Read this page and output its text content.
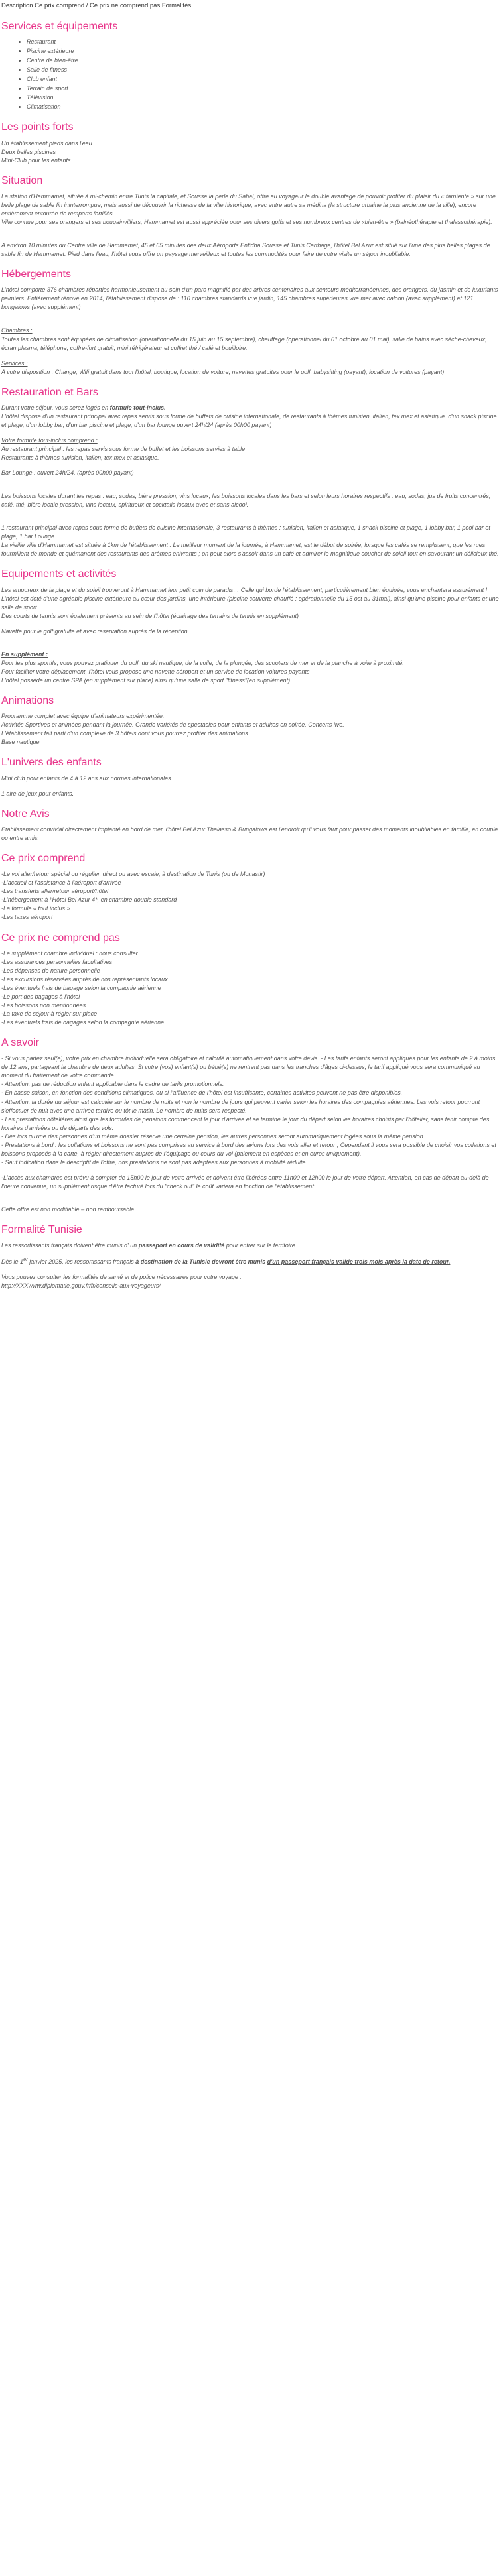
Description Ce prix comprend / Ce prix ne comprend pas Formalités
Services et équipements
• Restaurant
• Piscine extérieure
• Centre de bien-être
• Salle de fitness
• Club enfant
• Terrain de sport
• Télévision
• Climatisation
Les points forts

Un établissement pieds dans l'eau
Deux belles piscines
Mini-Club pour les enfants

Situation

La station d'Hammamet, située à mi-chemin entre Tunis la capitale, et Sousse la perle du Sahel, offre au voyageur le double avantage de pouvoir profiter du plaisir du « farniente » sur une belle plage de sable fin ininterrompue, mais aussi de découvrir la richesse de la ville historique, avec entre autre sa médina (la structure urbaine la plus ancienne de la ville), encore entièrement entourée de remparts fortifiés.

Ville connue pour ses orangers et ses bougainvilliers, Hammamet est aussi appréciée pour ses divers golfs et ses nombreux centres de «bien-être » (balnéothérapie et thalassothérapie).

A environ 10 minutes du Centre ville de Hammamet, 45 et 65 minutes des deux Aéroports Enfidha Sousse et Tunis Carthage, l'hôtel Bel Azur est situé sur l'une des plus belles plages de sable fin de Hammamet. Pied dans l'eau, l'hôtel vous offre un paysage merveilleux et toutes les commodités pour faire de votre visite un séjour inoubliable.

Hébergements

L'hôtel comporte 376 chambres réparties harmonieusement au sein d'un parc magnifié par des arbres centenaires aux senteurs méditerranéennes, des orangers, du jasmin et de luxuriants palmiers. Entièrement rénové en 2014, l'établissement dispose de : 110 chambres standards vue jardin, 145 chambres supérieures vue mer avec balcon (avec supplément) et 121 bungalows (avec supplément)

Chambres :
Toutes les chambres sont équipées de climatisation (operationnelle du 15 juin au 15 septembre), chauffage (operationnel du 01 octobre au 01 mai), salle de bains avec sèche-cheveux, écran plasma, téléphone, coffre-fort gratuit, mini réfrigérateur et coffret thé / café et bouilloire.

Services :
A votre disposition : Change, Wifi gratuit dans tout l'hôtel, boutique, location de voiture, navettes gratuites pour le golf, babysitting (payant), location de voitures (payant)

Restauration et Bars

Durant votre séjour, vous serez logés en formule tout-inclus.
L'hôtel dispose d'un restaurant principal avec repas servis sous forme de buffets de cuisine internationale, de restaurants à thèmes tunisien, italien, tex mex et asiatique. d'un snack piscine et plage, d'un lobby bar, d'un bar piscine et plage, d'un bar lounge ouvert 24h/24 (après 00h00 payant)

Votre formule tout-inclus comprend :
Au restaurant principal : les repas servis sous forme de buffet et les boissons servies à table
Restaurants à thèmes tunisien, italien, tex mex et asiatique.

Bar Lounge : ouvert 24h/24, (après 00h00 payant)

Les boissons locales durant les repas : eau, sodas, bière pression, vins locaux, les boissons locales dans les bars et selon leurs horaires respectifs : eau, sodas, jus de fruits concentrés, café, thé, bière locale pression, vins locaux, spiritueux et cocktails locaux avec et sans alcool.

1 restaurant principal avec repas sous forme de buffets de cuisine internationale, 3 restaurants à thèmes : tunisien, italien et asiatique, 1 snack piscine et plage, 1 lobby bar, 1 pool bar et plage, 1 bar Lounge .
La vieille ville d'Hammamet est située à 1km de l'établissement : Le meilleur moment de la journée, à Hammamet, est le début de soirée, lorsque les cafés se remplissent, que les rues fourmillent de monde et quémanent des restaurants des arômes enivrants ; on peut alors s'assoir dans un café et admirer le magnifique coucher de soleil tout en savourant un délicieux thé.

Equipements et activités

Les amoureux de la plage et du soleil trouveront à Hammamet leur petit coin de paradis… Celle qui borde l'établissement, particulièrement bien équipée, vous enchantera assurément !

L'hôtel est doté d'une agréable piscine extérieure au cœur des jardins, une intérieure (piscine couverte chauffé : opérationnelle du 15 oct au 31mai), ainsi qu'une piscine pour enfants et une salle de sport.

Des courts de tennis sont également présents au sein de l'hôtel (éclairage des terrains de tennis en supplément)

Navette pour le golf gratuite et avec reservation auprès de la réception

En supplément :
Pour les plus sportifs, vous pouvez pratiquer du golf, du ski nautique, de la voile, de la plongée, des scooters de mer et de la planche à voile à proximité.
Pour faciliter votre déplacement, l'hôtel vous propose une navette aéroport et un service de location voitures payants
L'hôtel possède un centre SPA (en supplément sur place) ainsi qu'une salle de sport "fitness"(en supplément)

Animations

Programme complet avec équipe d'animateurs expérimentée.
Activités Sportives et animées pendant la journée. Grande variétés de spectacles pour enfants et adultes en soirée. Concerts live.
L'établissement fait parti d'un complexe de 3 hôtels dont vous pourrez profiter des animations.
Base nautique

L'univers des enfants

Mini club pour enfants de 4 à 12 ans aux normes internationales.

1 aire de jeux pour enfants.

Notre Avis

Etablissement convivial directement implanté en bord de mer, l'hôtel Bel Azur Thalasso & Bungalows est l'endroit qu'il vous faut pour passer des moments inoubliables en famille, en couple ou entre amis.

Ce prix comprend

-Le vol aller/retour spécial ou régulier, direct ou avec escale, à destination de Tunis (ou de Monastir)
-L'accueil et l'assistance à l'aéroport d'arrivée
-Les transferts aller/retour aéroport/hôtel
-L'hébergement à l'Hôtel Bel Azur 4*, en chambre double standard
-La formule « tout inclus »
-Les taxes aéroport

Ce prix ne comprend pas

-Le supplément chambre individuel : nous consulter
-Les assurances personnelles facultatives
-Les dépenses de nature personnelle
-Les excursions réservées auprès de nos représentants locaux
-Les éventuels frais de bagage selon la compagnie aérienne
-Le port des bagages à l'hôtel
-Les boissons non mentionnées
-La taxe de séjour à régler sur place
-Les éventuels frais de bagages selon la compagnie aérienne

A savoir

- Si vous partez seul(e), votre prix en chambre individuelle sera obligatoire et calculé automatiquement dans votre devis. - Les tarifs enfants seront appliqués pour les enfants de 2 à moins de 12 ans, partageant la chambre de deux adultes. Si votre (vos) enfant(s) ou bébé(s) ne rentrent pas dans les tranches d'âges ci-dessus, le tarif appliqué vous sera communiqué au moment du traitement de votre commande.
- Attention, pas de réduction enfant applicable dans le cadre de tarifs promotionnels.
- En basse saison, en fonction des conditions climatiques, ou si l'affluence de l'hôtel est insuffisante, certaines activités peuvent ne pas être disponibles.
- Attention, la durée du séjour est calculée sur le nombre de nuits et non le nombre de jours qui peuvent varier selon les horaires des compagnies aériennes. Les vols retour pourront s'effectuer de nuit avec une arrivée tardive ou tôt le matin. Le nombre de nuits sera respecté.
- Les prestations hôtelières ainsi que les formules de pensions commencent le jour d'arrivée et se termine le jour du départ selon les horaires choisis par l'hôtelier, sans tenir compte des horaires d'arrivées ou de départs des vols.
- Dès lors qu'une des personnes d'un même dossier réserve une certaine pension, les autres personnes seront automatiquement logées sous la même pension.
- Prestations à bord : les collations et boissons ne sont pas comprises au service à bord des avions lors des vols aller et retour ; Cependant il vous sera possible de choisir vos collations et boissons proposés à la carte, à régler directement auprès de l'équipage ou cours du vol (paiement en espèces et en euros uniquement).
- Sauf indication dans le descriptif de l'offre, nos prestations ne sont pas adaptées aux personnes à mobilité réduite.

-L'accès aux chambres est prévu à compter de 15h00 le jour de votre arrivée et doivent être libérées entre 11h00 et 12h00 le jour de votre départ. Attention, en cas de départ au-delà de l'heure convenue, un supplément risque d'être facturé lors du "check out" le coût variera en fonction de l'établissement.

Cette offre est non modifiable – non remboursable

Formalité Tunisie

Les ressortissants français doivent être munis d' un passeport en cours de validité pour entrer sur le territoire.

Dès le 1er janvier 2025, les ressortissants français à destination de la Tunisie devront être munis d'un passeport français valide trois mois après la date de retour.

Vous pouvez consulter les formalités de santé et de police nécessaires pour votre voyage :
http://XXXwww.diplomatie.gouv.fr/fr/conseils-aux-voyageurs/
